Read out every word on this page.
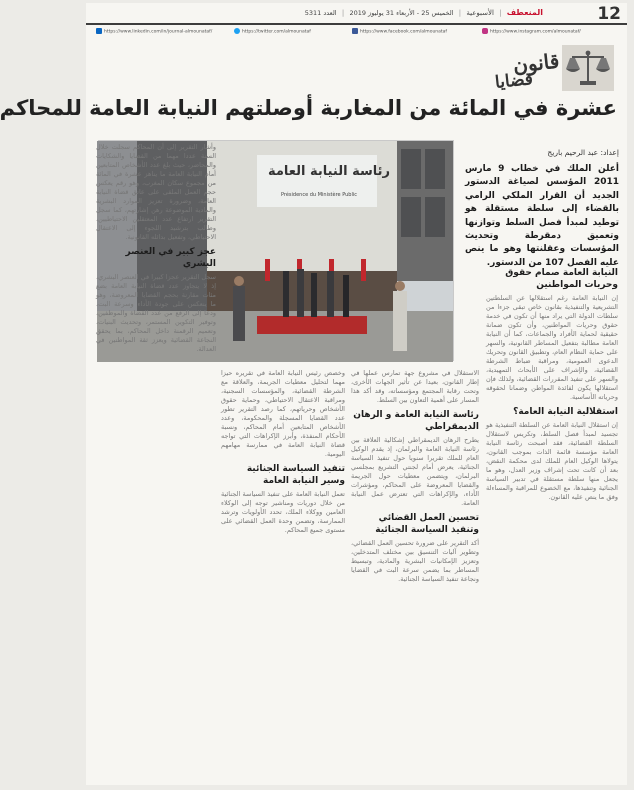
12
المنعطف | الأسبوعية | الخميس 25 - الأربعاء 31 يوليوز 2019 | العدد 5311
https://www.linkedin.com/in/journal-almounataf/	https://twitter.com/almounataf	https://www.facebook.com/almounataf	https://www.instagram.com/almounataf/
قانون
قضايا
عشرة في المائة من المغاربة أوصلتهم النيابة العامة للمحاكم
إعداد: عبد الرحيم باريج
أعلن الملك في خطاب 9 مارس 2011 المؤسس لصياغة الدستور الجديد أن القرار الملكي الرامي بالقضاء إلى سلطة مستقلة هو توطيد لمبدأ فصل السلط وتوازنها وتعميق دمقرطة وتحديث المؤسسات وعقلنتها وهو ما ينص عليه الفصل 107 من الدستور.
رئاسة النيابة العامة
Présidence du Ministère Public
النيابة العامة صمام حقوق وحريات المواطنين

إن النيابة العامة رغم استقلالها عن السلطتين التشريعية والتنفيذية بقانون خاص تبقى جزءا من سلطات الدولة التي يراد منها أن تكون في خدمة حقوق وحريات المواطنين، وأن تكون ضمانة حقيقية لحماية الأفراد والجماعات، كما أن النيابة العامة مطالبة بتفعيل المساطر القانونية، والسهر على حماية النظام العام، وتطبيق القانون وتحريك الدعوى العمومية، ومراقبة ضباط الشرطة القضائية، والإشراف على الأبحاث التمهيدية، والسهر على تنفيذ المقررات القضائية، ولذلك فإن استقلالها يكون لفائدة المواطن وضمانا لحقوقه وحرياته الأساسية.

استقلالية النيابة العامة؟

إن استقلال النيابة العامة عن السلطة التنفيذية هو تجسيد لمبدأ فصل السلط، وتكريس لاستقلال السلطة القضائية، فقد أصبحت رئاسة النيابة العامة مؤسسة قائمة الذات بموجب القانون، يتولاها الوكيل العام للملك لدى محكمة النقض، بعد أن كانت تحت إشراف وزير العدل، وهو ما يجعل منها سلطة مستقلة في تدبير السياسة الجنائية وتنفيذها، مع الخضوع للمراقبة والمساءلة وفق ما ينص عليه القانون.

الاستقلال في مشروع جهة تمارس عملها في إطار القانون، بعيدا عن تأثير الجهات الأخرى، وتحت رقابة المجتمع ومؤسساته، وقد أكد هذا المسار على أهمية التعاون بين السلط.

رئاسة النيابة العامة و الرهان الديمقراطي

يطرح الرهان الديمقراطي إشكالية العلاقة بين رئاسة النيابة العامة والبرلمان، إذ يقدم الوكيل العام للملك تقريرا سنويا حول تنفيذ السياسة الجنائية، يعرض أمام لجنتي التشريع بمجلسي البرلمان، ويتضمن معطيات حول الجريمة والقضايا المعروضة على المحاكم، ومؤشرات الأداء، والإكراهات التي تعترض عمل النيابة العامة.

تحسين العمل القضائي وتنفيذ السياسة الجنائية

أكد التقرير على ضرورة تحسين العمل القضائي، وتطوير آليات التنسيق بين مختلف المتدخلين، وتعزيز الإمكانيات البشرية والمادية، وتبسيط المساطر بما يضمن سرعة البت في القضايا ونجاعة تنفيذ السياسة الجنائية.

وخصص رئيس النيابة العامة في تقريره حيزا مهما لتحليل معطيات الجريمة، والعلاقة مع الشرطة القضائية، والمؤسسات السجنية، ومراقبة الاعتقال الاحتياطي، وحماية حقوق الأشخاص وحرياتهم، كما رصد التقرير تطور عدد القضايا المسجلة والمحكومة، وعدد الأشخاص المتابعين أمام المحاكم، ونسبة الأحكام المنفذة، وأبرز الإكراهات التي تواجه قضاة النيابة العامة في ممارسة مهامهم اليومية.

تنفيذ السياسة الجنائية وسير النيابة العامة

تعمل النيابة العامة على تنفيذ السياسة الجنائية من خلال دوريات ومناشير توجه إلى الوكلاء العامين ووكلاء الملك، تحدد الأولويات وترشد الممارسة، وتضمن وحدة العمل القضائي على مستوى جميع المحاكم.

وأشار التقرير إلى أن المحاكم سجلت خلال السنة عددا مهما من القضايا والشكايات والمحاضر، حيث بلغ عدد الأشخاص المتابعين أمام النيابة العامة ما يناهز عشرة في المائة من مجموع سكان المغرب، وهو رقم يعكس حجم العمل الملقى على عاتق قضاة النيابة العامة، وضرورة تعزيز الموارد البشرية والمادية الموضوعة رهن إشارتهم، كما سجل التقرير ارتفاع عدد المعتقلين الاحتياطيين، وطالب بترشيد اللجوء إلى الاعتقال الاحتياطي، وتفعيل بدائله القانونية.

عجز كبير في العنصر البشري

سجل التقرير عجزا كبيرا في العنصر البشري، إذ لا يتجاوز عدد قضاة النيابة العامة بضع مئات مقارنة بحجم القضايا المعروضة، وهو ما ينعكس على جودة الأداء وسرعة البت، ودعا إلى الرفع من عدد القضاة والموظفين، وتوفير التكوين المستمر، وتحديث البنيات، وتعميم الرقمنة داخل المحاكم، بما يحقق النجاعة القضائية ويعزز ثقة المواطنين في العدالة.
